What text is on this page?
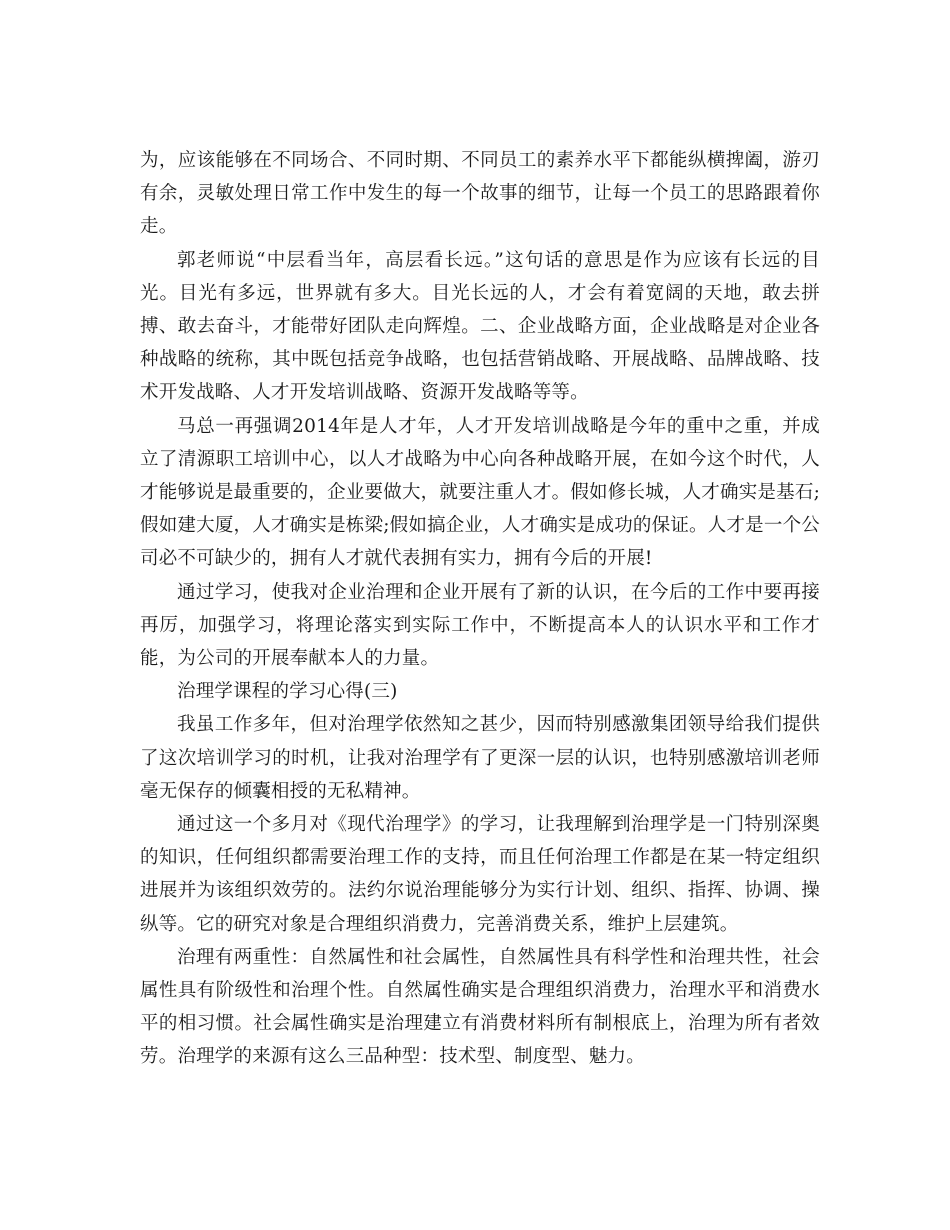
为，应该能够在不同场合、不同时期、不同员工的素养水平下都能纵横捭阖，游刃有余，灵敏处理日常工作中发生的每一个故事的细节，让每一个员工的思路跟着你走。

郭老师说“中层看当年，高层看长远。”这句话的意思是作为应该有长远的目光。目光有多远，世界就有多大。目光长远的人，才会有着宽阔的天地，敢去拼搏、敢去奋斗，才能带好团队走向辉煌。二、企业战略方面，企业战略是对企业各种战略的统称，其中既包括竞争战略，也包括营销战略、开展战略、品牌战略、技术开发战略、人才开发培训战略、资源开发战略等等。

马总一再强调2014年是人才年，人才开发培训战略是今年的重中之重，并成立了清源职工培训中心，以人才战略为中心向各种战略开展，在如今这个时代，人才能够说是最重要的，企业要做大，就要注重人才。假如修长城，人才确实是基石;假如建大厦，人才确实是栋梁;假如搞企业，人才确实是成功的保证。人才是一个公司必不可缺少的，拥有人才就代表拥有实力，拥有今后的开展!

通过学习，使我对企业治理和企业开展有了新的认识，在今后的工作中要再接再厉，加强学习，将理论落实到实际工作中，不断提高本人的认识水平和工作才能，为公司的开展奉献本人的力量。

治理学课程的学习心得(三)

我虽工作多年，但对治理学依然知之甚少，因而特别感激集团领导给我们提供了这次培训学习的时机，让我对治理学有了更深一层的认识，也特别感激培训老师毫无保存的倾囊相授的无私精神。

通过这一个多月对《现代治理学》的学习，让我理解到治理学是一门特别深奥的知识，任何组织都需要治理工作的支持，而且任何治理工作都是在某一特定组织进展并为该组织效劳的。法约尔说治理能够分为实行计划、组织、指挥、协调、操纵等。它的研究对象是合理组织消费力，完善消费关系，维护上层建筑。

治理有两重性：自然属性和社会属性，自然属性具有科学性和治理共性，社会属性具有阶级性和治理个性。自然属性确实是合理组织消费力，治理水平和消费水平的相习惯。社会属性确实是治理建立有消费材料所有制根底上，治理为所有者效劳。治理学的来源有这么三品种型：技术型、制度型、魅力。
